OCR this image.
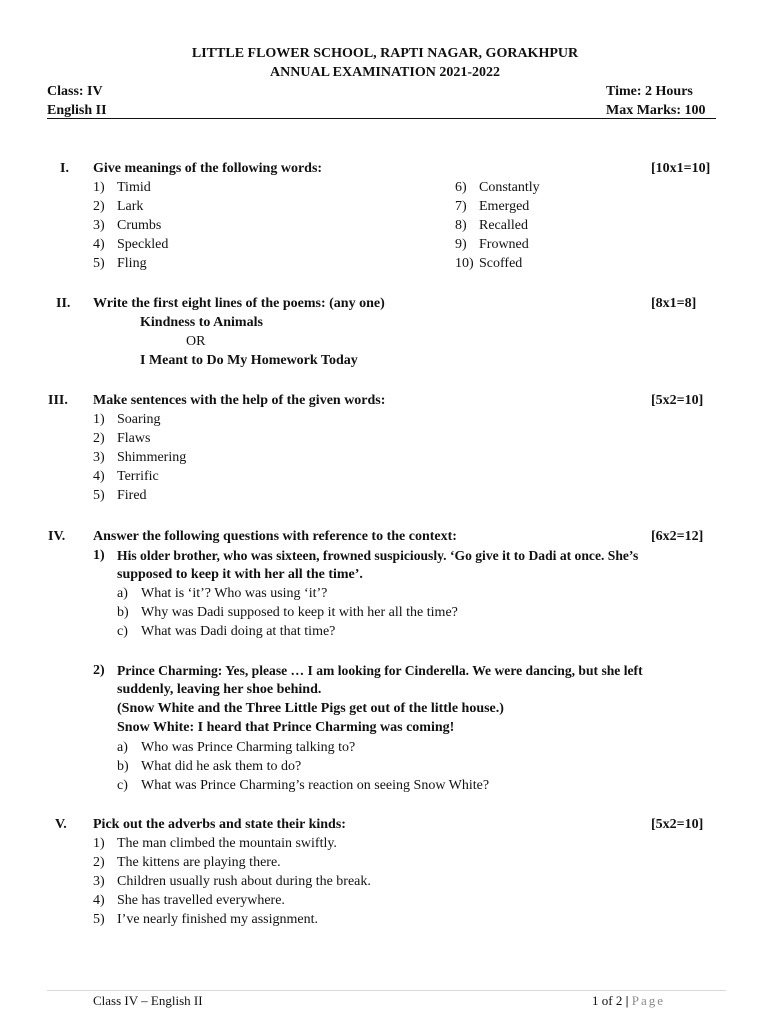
LITTLE FLOWER SCHOOL, RAPTI NAGAR, GORAKHPUR
ANNUAL EXAMINATION 2021-2022
Class: IV
English II
Time: 2 Hours
Max Marks: 100
I. Give meanings of the following words:	[10x1=10]
1) Timid
2) Lark
3) Crumbs
4) Speckled
5) Fling
6) Constantly
7) Emerged
8) Recalled
9) Frowned
10) Scoffed
II. Write the first eight lines of the poems: (any one)	[8x1=8]
Kindness to Animals
OR
I Meant to Do My Homework Today
III. Make sentences with the help of the given words:	[5x2=10]
1) Soaring
2) Flaws
3) Shimmering
4) Terrific
5) Fired
IV. Answer the following questions with reference to the context:	[6x2=12]
1) His older brother, who was sixteen, frowned suspiciously. ‘Go give it to Dadi at once. She’s
supposed to keep it with her all the time’.
a) What is ‘it’? Who was using ‘it’?
b) Why was Dadi supposed to keep it with her all the time?
c) What was Dadi doing at that time?
2) Prince Charming: Yes, please … I am looking for Cinderella. We were dancing, but she left
suddenly, leaving her shoe behind.
(Snow White and the Three Little Pigs get out of the little house.)
Snow White: I heard that Prince Charming was coming!
a) Who was Prince Charming talking to?
b) What did he ask them to do?
c) What was Prince Charming’s reaction on seeing Snow White?
V. Pick out the adverbs and state their kinds:	[5x2=10]
1) The man climbed the mountain swiftly.
2) The kittens are playing there.
3) Children usually rush about during the break.
4) She has travelled everywhere.
5) I’ve nearly finished my assignment.
Class IV – English II	1 of 2 | Page
